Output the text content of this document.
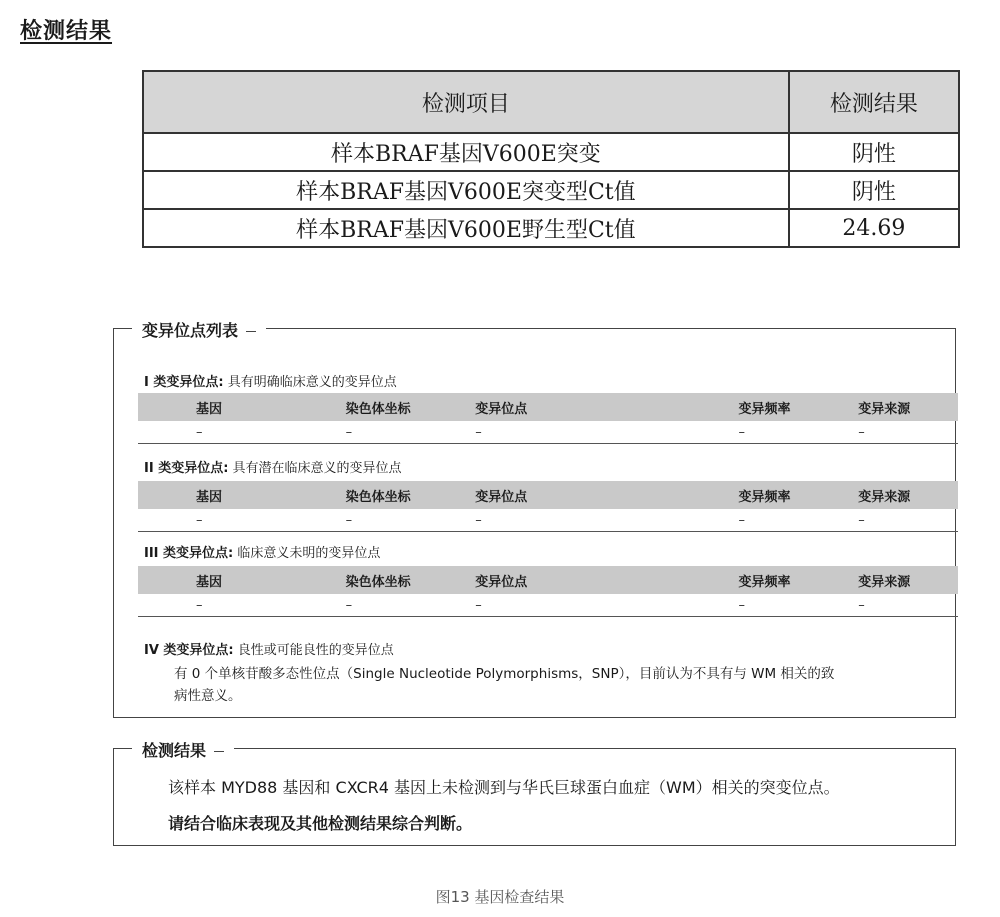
检测结果
检测项目	检测结果
样本BRAF基因V600E突变	阴性
样本BRAF基因V600E突变型Ct值	阴性
样本BRAF基因V600E野生型Ct值	24.69
变异位点列表
I 类变异位点: 具有明确临床意义的变异位点
基因	染色体坐标	变异位点	变异频率	变异来源
–	–	–	–	–
II 类变异位点: 具有潜在临床意义的变异位点
基因	染色体坐标	变异位点	变异频率	变异来源
–	–	–	–	–
III 类变异位点: 临床意义未明的变异位点
基因	染色体坐标	变异位点	变异频率	变异来源
–	–	–	–	–
IV 类变异位点: 良性或可能良性的变异位点
有 0 个单核苷酸多态性位点（Single Nucleotide Polymorphisms，SNP），目前认为不具有与 WM 相关的致
病性意义。
检测结果
该样本 MYD88 基因和 CXCR4 基因上未检测到与华氏巨球蛋白血症（WM）相关的突变位点。
请结合临床表现及其他检测结果综合判断。
图13 基因检查结果
